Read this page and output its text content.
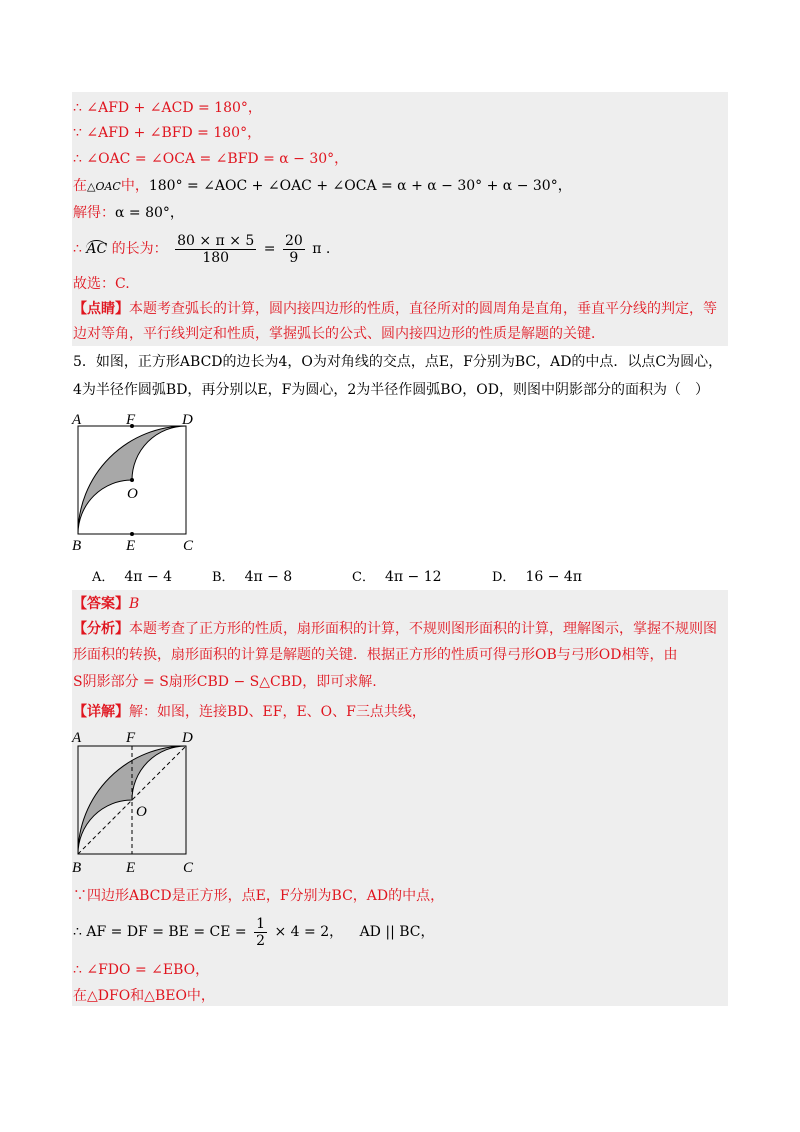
∴ ∠AFD + ∠ACD = 180°，
∵ ∠AFD + ∠BFD = 180°，
∴ ∠OAC = ∠OCA = ∠BFD = α − 30°，
在△OAC中，180° = ∠AOC + ∠OAC + ∠OCA = α + α − 30° + α − 30°，
解得：α = 80°，
∴ AC 的长为： $\frac{80 \times \pi \times 5}{180} = \frac{20}{9}$ π .
故选：C.
【点睛】本题考查弧长的计算，圆内接四边形的性质，直径所对的圆周角是直角，垂直平分线的判定，等
边对等角，平行线判定和性质，掌握弧长的公式、圆内接四边形的性质是解题的关键．
5．如图，正方形ABCD的边长为4，O为对角线的交点，点E，F分别为BC，AD的中点．以点C为圆心，
4为半径作圆弧BD，再分别以E，F为圆心，2为半径作圆弧BO，OD，则图中阴影部分的面积为（　）
A	F	D
O
B	E	C
A． 4π − 4	B． 4π − 8	C． 4π − 12	D． 16 − 4π
【答案】B
【分析】本题考查了正方形的性质，扇形面积的计算，不规则图形面积的计算，理解图示，掌握不规则图
形面积的转换，扇形面积的计算是解题的关键．根据正方形的性质可得弓形OB与弓形OD相等，由
S阴影部分 = S扇形CBD − S△CBD，即可求解.
【详解】解：如图，连接BD、EF，E、O、F三点共线，
A	F	D
O
B	E	C
∵四边形ABCD是正方形，点E，F分别为BC，AD的中点，
∴ AF = DF = BE = CE = $\frac{1}{2} \times 4 = 2$， AD || BC，
∴ ∠FDO = ∠EBO，
在△DFO和△BEO中，
